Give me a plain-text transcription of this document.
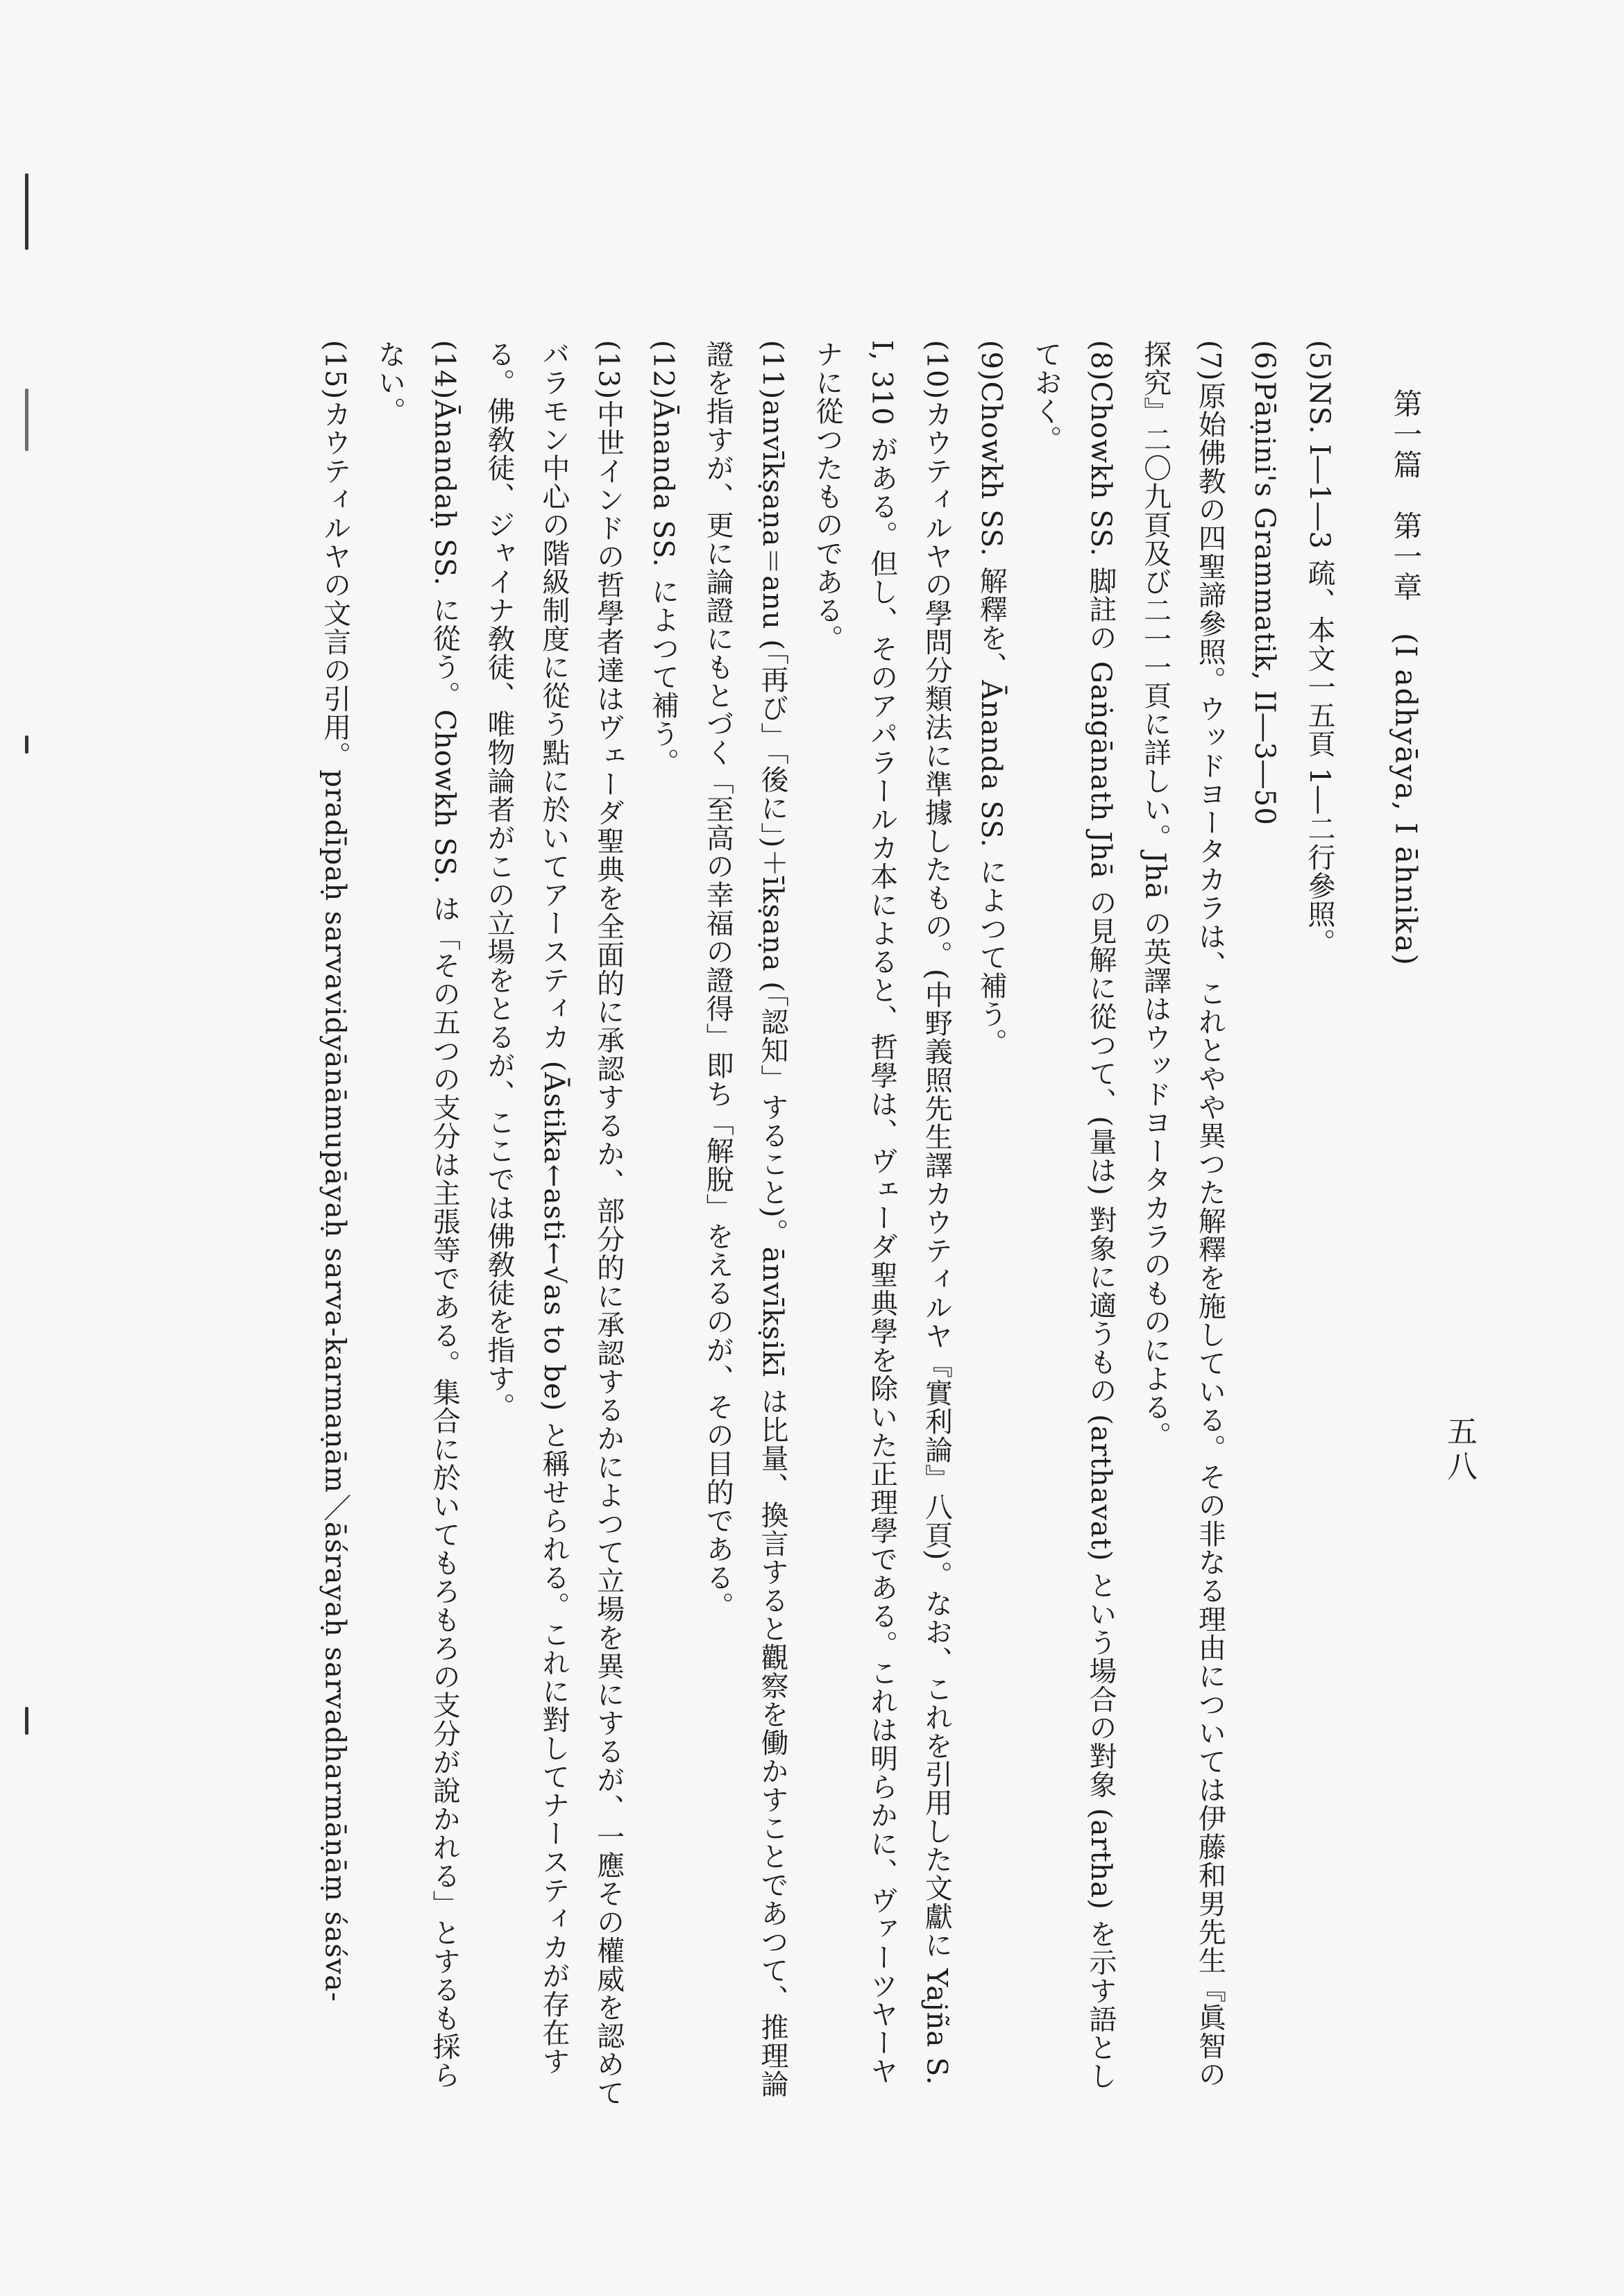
五八

(5)NS. I―1―3 疏、本文一五頁 1―二行參照。

(6)Pāṇini's Grammatik, II―3―50

(7)原始佛教の四聖諦參照。ウッドヨータカラは、これとやや異つた解釋を施している。その非なる理由については伊藤和男先生『眞智の探究』二〇九頁及び二一一頁に詳しい。Jhā の英譯はウッドヨータカラのものによる。

(8)Chowkh SS. 脚註の Gaṅgānath Jhā の見解に從つて、(量は) 對象に適うもの (arthavat) という場合の對象 (artha) を示す語としておく。

(9)Chowkh SS. 解釋を、Ānanda SS. によつて補う。

(10)カウティルヤの學問分類法に準據したもの。(中野義照先生譯カウティルヤ『實利論』八頁)。なお、これを引用した文獻に Yajña S. I, 310 がある。但し、そのアパラールカ本によると、哲學は、ヴェーダ聖典學を除いた正理學である。これは明らかに、ヴァーツヤーヤナに從つたものである。

(11)anvīkṣaṇa＝anu (「再び」「後に」)＋īkṣaṇa (「認知」すること)。ānvīkṣikī は比量、換言すると觀察を働かすことであつて、推理論證を指すが、更に論證にもとづく「至高の幸福の證得」即ち「解脫」をえるのが、その目的である。

(12)Ānanda SS. によつて補う。

(13)中世インドの哲學者達はヴェーダ聖典を全面的に承認するか、部分的に承認するかによつて立場を異にするが、一應その權威を認めてバラモン中心の階級制度に從う點に於いてアースティカ (Āstika←asti←√as to be) と稱せられる。これに對してナースティカが存在する。佛敎徒、ジャイナ敎徒、唯物論者がこの立場をとるが、ここでは佛敎徒を指す。

(14)Ānandaḥ SS. に從う。Chowkh SS. は「その五つの支分は主張等である。集合に於いてもろもろの支分が說かれる」とするも採らない。

(15)カウティルヤの文言の引用。pradīpaḥ sarvavidyānāmupāyaḥ sarva-karmaṇām／āśrayaḥ sarvadharmāṇāṃ śaśva-	第一篇　第一章　(I adhyāya, I āhnika)
